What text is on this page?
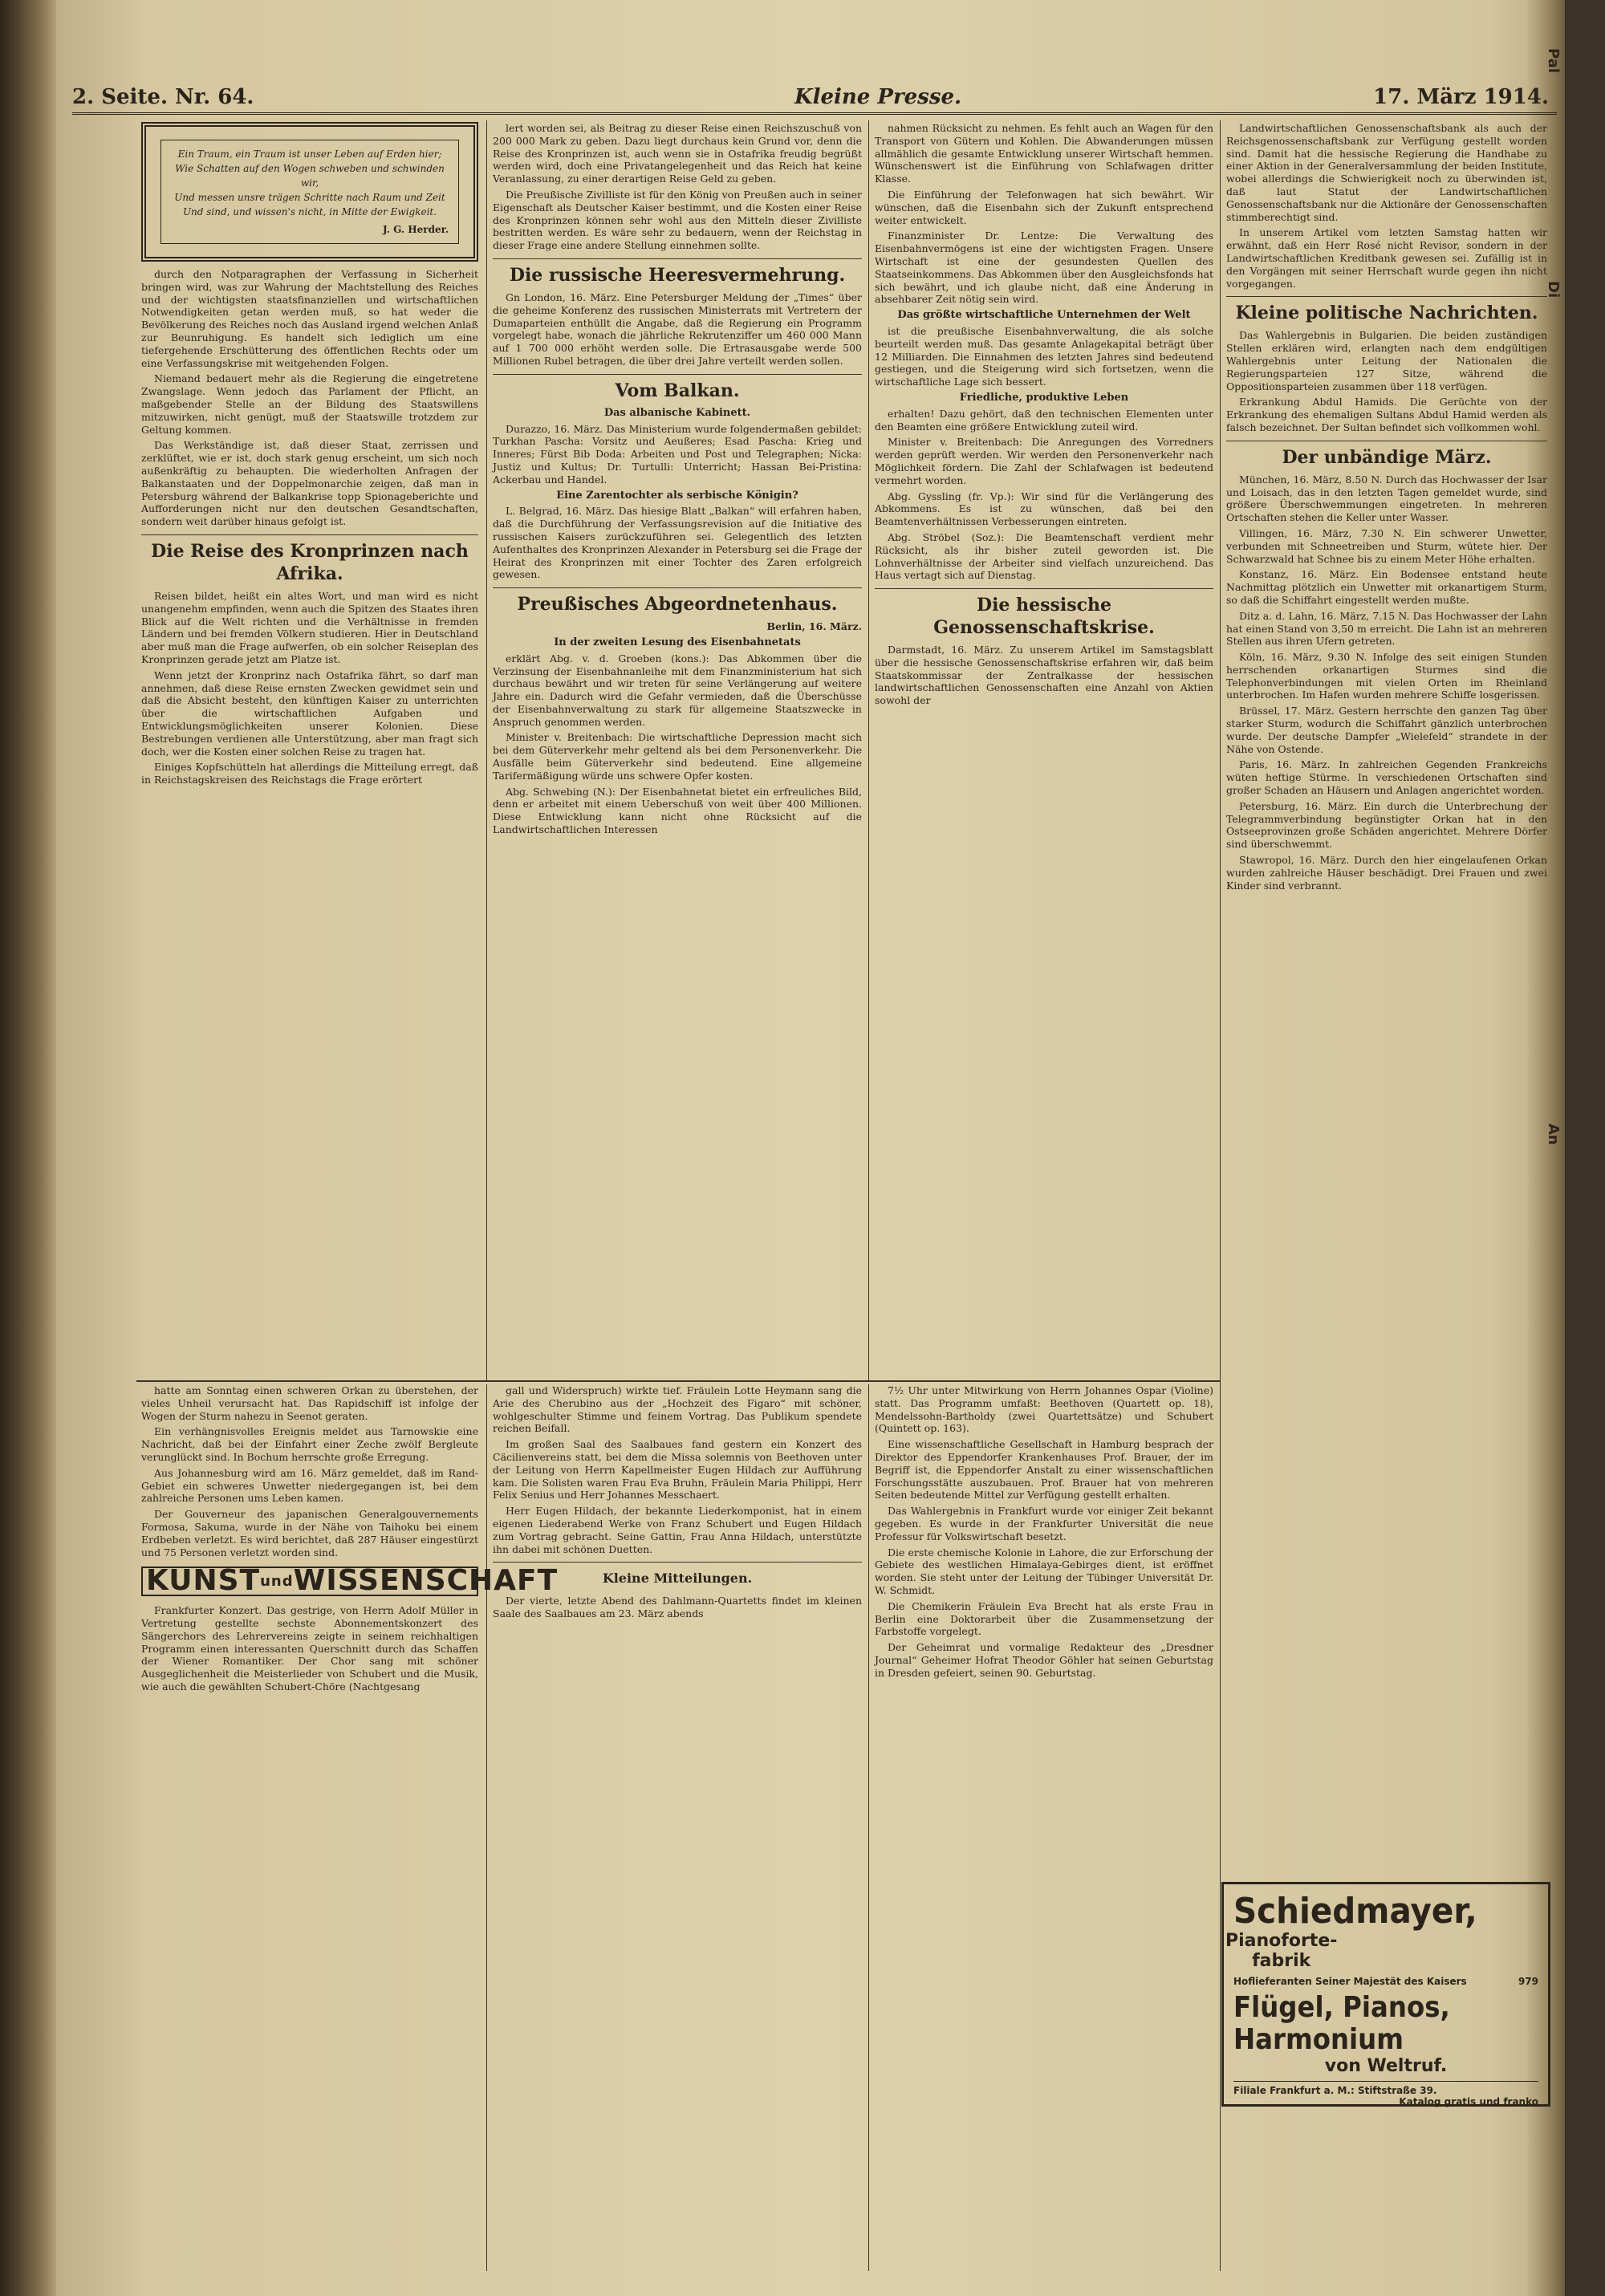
Pal
Di
An
2. Seite. Nr. 64.	Kleine Presse.	17. März 1914.
Ein Traum, ein Traum ist unser Leben auf Erden hier;
Wie Schatten auf den Wogen schweben und schwinden wir,
Und messen unsre trägen Schritte nach Raum und Zeit
Und sind, und wissen's nicht, in Mitte der Ewigkeit.
J. G. Herder.

durch den Notparagraphen der Verfassung in Sicherheit bringen wird, was zur Wahrung der Machtstellung des Reiches und der wichtigsten staatsfinanziellen und wirtschaftlichen Notwendigkeiten getan werden muß, so hat weder die Bevölkerung des Reiches noch das Ausland irgend welchen Anlaß zur Beunruhigung. Es handelt sich lediglich um eine tiefergehende Erschütterung des öffentlichen Rechts oder um eine Verfassungskrise mit weitgehenden Folgen.

Niemand bedauert mehr als die Regierung die eingetretene Zwangslage. Wenn jedoch das Parlament der Pflicht, an maßgebender Stelle an der Bildung des Staatswillens mitzuwirken, nicht genügt, muß der Staatswille trotzdem zur Geltung kommen.

Das Werkständige ist, daß dieser Staat, zerrissen und zerklüftet, wie er ist, doch stark genug erscheint, um sich noch außenkräftig zu behaupten. Die wiederholten Anfragen der Balkanstaaten und der Doppelmonarchie zeigen, daß man in Petersburg während der Balkankrise topp Spionageberichte und Aufforderungen nicht nur den deutschen Gesandtschaften, sondern weit darüber hinaus gefolgt ist.

Die Reise des Kronprinzen nach Afrika.

Reisen bildet, heißt ein altes Wort, und man wird es nicht unangenehm empfinden, wenn auch die Spitzen des Staates ihren Blick auf die Welt richten und die Verhältnisse in fremden Ländern und bei fremden Völkern studieren. Hier in Deutschland aber muß man die Frage aufwerfen, ob ein solcher Reiseplan des Kronprinzen gerade jetzt am Platze ist.

Wenn jetzt der Kronprinz nach Ostafrika fährt, so darf man annehmen, daß diese Reise ernsten Zwecken gewidmet sein und daß die Absicht besteht, den künftigen Kaiser zu unterrichten über die wirtschaftlichen Aufgaben und Entwicklungsmöglichkeiten unserer Kolonien. Diese Bestrebungen verdienen alle Unterstützung, aber man fragt sich doch, wer die Kosten einer solchen Reise zu tragen hat.

Einiges Kopfschütteln hat allerdings die Mitteilung erregt, daß in Reichstagskreisen des Reichstags die Frage erörtert

lert worden sei, als Beitrag zu dieser Reise einen Reichszuschuß von 200 000 Mark zu geben. Dazu liegt durchaus kein Grund vor, denn die Reise des Kronprinzen ist, auch wenn sie in Ostafrika freudig begrüßt werden wird, doch eine Privatangelegenheit und das Reich hat keine Veranlassung, zu einer derartigen Reise Geld zu geben.

Die Preußische Zivilliste ist für den König von Preußen auch in seiner Eigenschaft als Deutscher Kaiser bestimmt, und die Kosten einer Reise des Kronprinzen können sehr wohl aus den Mitteln dieser Zivilliste bestritten werden. Es wäre sehr zu bedauern, wenn der Reichstag in dieser Frage eine andere Stellung einnehmen sollte.

Die russische Heeresvermehrung.

Gn London, 16. März. Eine Petersburger Meldung der „Times“ über die geheime Konferenz des russischen Ministerrats mit Vertretern der Dumaparteien enthüllt die Angabe, daß die Regierung ein Programm vorgelegt habe, wonach die jährliche Rekrutenziffer um 460 000 Mann auf 1 700 000 erhöht werden solle. Die Ertrasausgabe werde 500 Millionen Rubel betragen, die über drei Jahre verteilt werden sollen.

Vom Balkan.
Das albanische Kabinett.

Durazzo, 16. März. Das Ministerium wurde folgendermaßen gebildet: Turkhan Pascha: Vorsitz und Aeußeres; Esad Pascha: Krieg und Inneres; Fürst Bib Doda: Arbeiten und Post und Telegraphen; Nicka: Justiz und Kultus; Dr. Turtulli: Unterricht; Hassan Bei-Pristina: Ackerbau und Handel.

Eine Zarentochter als serbische Königin?

L. Belgrad, 16. März. Das hiesige Blatt „Balkan“ will erfahren haben, daß die Durchführung der Verfassungsrevision auf die Initiative des russischen Kaisers zurückzuführen sei. Gelegentlich des letzten Aufenthaltes des Kronprinzen Alexander in Petersburg sei die Frage der Heirat des Kronprinzen mit einer Tochter des Zaren erfolgreich gewesen.

Preußisches Abgeordnetenhaus.
Berlin, 16. März.
In der zweiten Lesung des Eisenbahnetats

erklärt Abg. v. d. Groeben (kons.): Das Abkommen über die Verzinsung der Eisenbahnanleihe mit dem Finanzministerium hat sich durchaus bewährt und wir treten für seine Verlängerung auf weitere Jahre ein. Dadurch wird die Gefahr vermieden, daß die Überschüsse der Eisenbahnverwaltung zu stark für allgemeine Staatszwecke in Anspruch genommen werden.

Minister v. Breitenbach: Die wirtschaftliche Depression macht sich bei dem Güterverkehr mehr geltend als bei dem Personenverkehr. Die Ausfälle beim Güterverkehr sind bedeutend. Eine allgemeine Tarifermäßigung würde uns schwere Opfer kosten.

Abg. Schwebing (N.): Der Eisenbahnetat bietet ein erfreuliches Bild, denn er arbeitet mit einem Ueberschuß von weit über 400 Millionen. Diese Entwicklung kann nicht ohne Rücksicht auf die Landwirtschaftlichen Interessen

nahmen Rücksicht zu nehmen. Es fehlt auch an Wagen für den Transport von Gütern und Kohlen. Die Abwanderungen müssen allmählich die gesamte Entwicklung unserer Wirtschaft hemmen. Wünschenswert ist die Einführung von Schlafwagen dritter Klasse.

Die Einführung der Telefonwagen hat sich bewährt. Wir wünschen, daß die Eisenbahn sich der Zukunft entsprechend weiter entwickelt.

Finanzminister Dr. Lentze: Die Verwaltung des Eisenbahnvermögens ist eine der wichtigsten Fragen. Unsere Wirtschaft ist eine der gesundesten Quellen des Staatseinkommens. Das Abkommen über den Ausgleichsfonds hat sich bewährt, und ich glaube nicht, daß eine Änderung in absehbarer Zeit nötig sein wird.

Das größte wirtschaftliche Unternehmen der Welt

ist die preußische Eisenbahnverwaltung, die als solche beurteilt werden muß. Das gesamte Anlagekapital beträgt über 12 Milliarden. Die Einnahmen des letzten Jahres sind bedeutend gestiegen, und die Steigerung wird sich fortsetzen, wenn die wirtschaftliche Lage sich bessert.

Friedliche, produktive Leben

erhalten! Dazu gehört, daß den technischen Elementen unter den Beamten eine größere Entwicklung zuteil wird.

Minister v. Breitenbach: Die Anregungen des Vorredners werden geprüft werden. Wir werden den Personenverkehr nach Möglichkeit fördern. Die Zahl der Schlafwagen ist bedeutend vermehrt worden.

Abg. Gyssling (fr. Vp.): Wir sind für die Verlängerung des Abkommens. Es ist zu wünschen, daß bei den Beamtenverhältnissen Verbesserungen eintreten.

Abg. Ströbel (Soz.): Die Beamtenschaft verdient mehr Rücksicht, als ihr bisher zuteil geworden ist. Die Lohnverhältnisse der Arbeiter sind vielfach unzureichend. Das Haus vertagt sich auf Dienstag.

Die hessische Genossenschaftskrise.

Darmstadt, 16. März. Zu unserem Artikel im Samstagsblatt über die hessische Genossenschaftskrise erfahren wir, daß beim Staatskommissar der Zentralkasse der hessischen landwirtschaftlichen Genossenschaften eine Anzahl von Aktien sowohl der

Landwirtschaftlichen Genossenschaftsbank als auch der Reichsgenossenschaftsbank zur Verfügung gestellt worden sind. Damit hat die hessische Regierung die Handhabe zu einer Aktion in der Generalversammlung der beiden Institute, wobei allerdings die Schwierigkeit noch zu überwinden ist, daß laut Statut der Landwirtschaftlichen Genossenschaftsbank nur die Aktionäre der Genossenschaften stimmberechtigt sind.

In unserem Artikel vom letzten Samstag hatten wir erwähnt, daß ein Herr Rosé nicht Revisor, sondern in der Landwirtschaftlichen Kreditbank gewesen sei. Zufällig ist in den Vorgängen mit seiner Herrschaft wurde gegen ihn nicht vorgegangen.

Kleine politische Nachrichten.

Das Wahlergebnis in Bulgarien. Die beiden zuständigen Stellen erklären wird, erlangten nach dem endgültigen Wahlergebnis unter Leitung der Nationalen die Regierungsparteien 127 Sitze, während die Oppositionsparteien zusammen über 118 verfügen.

Erkrankung Abdul Hamids. Die Gerüchte von der Erkrankung des ehemaligen Sultans Abdul Hamid werden als falsch bezeichnet. Der Sultan befindet sich vollkommen wohl.

Der unbändige März.

München, 16. März, 8.50 N. Durch das Hochwasser der Isar und Loisach, das in den letzten Tagen gemeldet wurde, sind größere Überschwemmungen eingetreten. In mehreren Ortschaften stehen die Keller unter Wasser.

Villingen, 16. März, 7.30 N. Ein schwerer Unwetter, verbunden mit Schneetreiben und Sturm, wütete hier. Der Schwarzwald hat Schnee bis zu einem Meter Höhe erhalten.

Konstanz, 16. März. Ein Bodensee entstand heute Nachmittag plötzlich ein Unwetter mit orkanartigem Sturm, so daß die Schiffahrt eingestellt werden mußte.

Ditz a. d. Lahn, 16. März, 7.15 N. Das Hochwasser der Lahn hat einen Stand von 3,50 m erreicht. Die Lahn ist an mehreren Stellen aus ihren Ufern getreten.

Köln, 16. März, 9.30 N. Infolge des seit einigen Stunden herrschenden orkanartigen Sturmes sind die Telephonverbindungen mit vielen Orten im Rheinland unterbrochen. Im Hafen wurden mehrere Schiffe losgerissen.

Brüssel, 17. März. Gestern herrschte den ganzen Tag über starker Sturm, wodurch die Schiffahrt gänzlich unterbrochen wurde. Der deutsche Dampfer „Wielefeld“ strandete in der Nähe von Ostende.

Paris, 16. März. In zahlreichen Gegenden Frankreichs wüten heftige Stürme. In verschiedenen Ortschaften sind großer Schaden an Häusern und Anlagen angerichtet worden.

Petersburg, 16. März. Ein durch die Unterbrechung der Telegrammverbindung begünstigter Orkan hat in den Ostseeprovinzen große Schäden angerichtet. Mehrere Dörfer sind überschwemmt.

Stawropol, 16. März. Durch den hier eingelaufenen Orkan wurden zahlreiche Häuser beschädigt. Drei Frauen und zwei Kinder sind verbrannt.

Schiedmayer,
Pianoforte-
fabrik
Hoflieferanten Seiner Majestät des Kaisers	979
Flügel, Pianos, Harmonium
von Weltruf.
Filiale Frankfurt a. M.: Stiftstraße 39.
Katalog gratis und franko

hatte am Sonntag einen schweren Orkan zu überstehen, der vieles Unheil verursacht hat. Das Rapidschiff ist infolge der Wogen der Sturm nahezu in Seenot geraten.

Ein verhängnisvolles Ereignis meldet aus Tarnowskie eine Nachricht, daß bei der Einfahrt einer Zeche zwölf Bergleute verunglückt sind. In Bochum herrschte große Erregung.

Aus Johannesburg wird am 16. März gemeldet, daß im Rand-Gebiet ein schweres Unwetter niedergegangen ist, bei dem zahlreiche Personen ums Leben kamen.

Der Gouverneur des japanischen Generalgouvernements Formosa, Sakuma, wurde in der Nähe von Taihoku bei einem Erdbeben verletzt. Es wird berichtet, daß 287 Häuser eingestürzt und 75 Personen verletzt worden sind.

KUNSTundWISSENSCHAFT

Frankfurter Konzert. Das gestrige, von Herrn Adolf Müller in Vertretung gestellte sechste Abonnementskonzert des Sängerchors des Lehrervereins zeigte in seinem reichhaltigen Programm einen interessanten Querschnitt durch das Schaffen der Wiener Romantiker. Der Chor sang mit schöner Ausgeglichenheit die Meisterlieder von Schubert und die Musik, wie auch die gewählten Schubert-Chöre (Nachtgesang

gall und Widerspruch) wirkte tief. Fräulein Lotte Heymann sang die Arie des Cherubino aus der „Hochzeit des Figaro“ mit schöner, wohlgeschulter Stimme und feinem Vortrag. Das Publikum spendete reichen Beifall.

Im großen Saal des Saalbaues fand gestern ein Konzert des Cäcilienvereins statt, bei dem die Missa solemnis von Beethoven unter der Leitung von Herrn Kapellmeister Eugen Hildach zur Aufführung kam. Die Solisten waren Frau Eva Bruhn, Fräulein Maria Philippi, Herr Felix Senius und Herr Johannes Messchaert.

Herr Eugen Hildach, der bekannte Liederkomponist, hat in einem eigenen Liederabend Werke von Franz Schubert und Eugen Hildach zum Vortrag gebracht. Seine Gattin, Frau Anna Hildach, unterstützte ihn dabei mit schönen Duetten.

Kleine Mitteilungen.

Der vierte, letzte Abend des Dahlmann-Quartetts findet im kleinen Saale des Saalbaues am 23. März abends

7½ Uhr unter Mitwirkung von Herrn Johannes Ospar (Violine) statt. Das Programm umfaßt: Beethoven (Quartett op. 18), Mendelssohn-Bartholdy (zwei Quartettsätze) und Schubert (Quintett op. 163).

Eine wissenschaftliche Gesellschaft in Hamburg besprach der Direktor des Eppendorfer Krankenhauses Prof. Brauer, der im Begriff ist, die Eppendorfer Anstalt zu einer wissenschaftlichen Forschungsstätte auszubauen. Prof. Brauer hat von mehreren Seiten bedeutende Mittel zur Verfügung gestellt erhalten.

Das Wahlergebnis in Frankfurt wurde vor einiger Zeit bekannt gegeben. Es wurde in der Frankfurter Universität die neue Professur für Volkswirtschaft besetzt.

Die erste chemische Kolonie in Lahore, die zur Erforschung der Gebiete des westlichen Himalaya-Gebirges dient, ist eröffnet worden. Sie steht unter der Leitung der Tübinger Universität Dr. W. Schmidt.

Die Chemikerin Fräulein Eva Brecht hat als erste Frau in Berlin eine Doktorarbeit über die Zusammensetzung der Farbstoffe vorgelegt.

Der Geheimrat und vormalige Redakteur des „Dresdner Journal“ Geheimer Hofrat Theodor Göhler hat seinen Geburtstag in Dresden gefeiert, seinen 90. Geburtstag.
